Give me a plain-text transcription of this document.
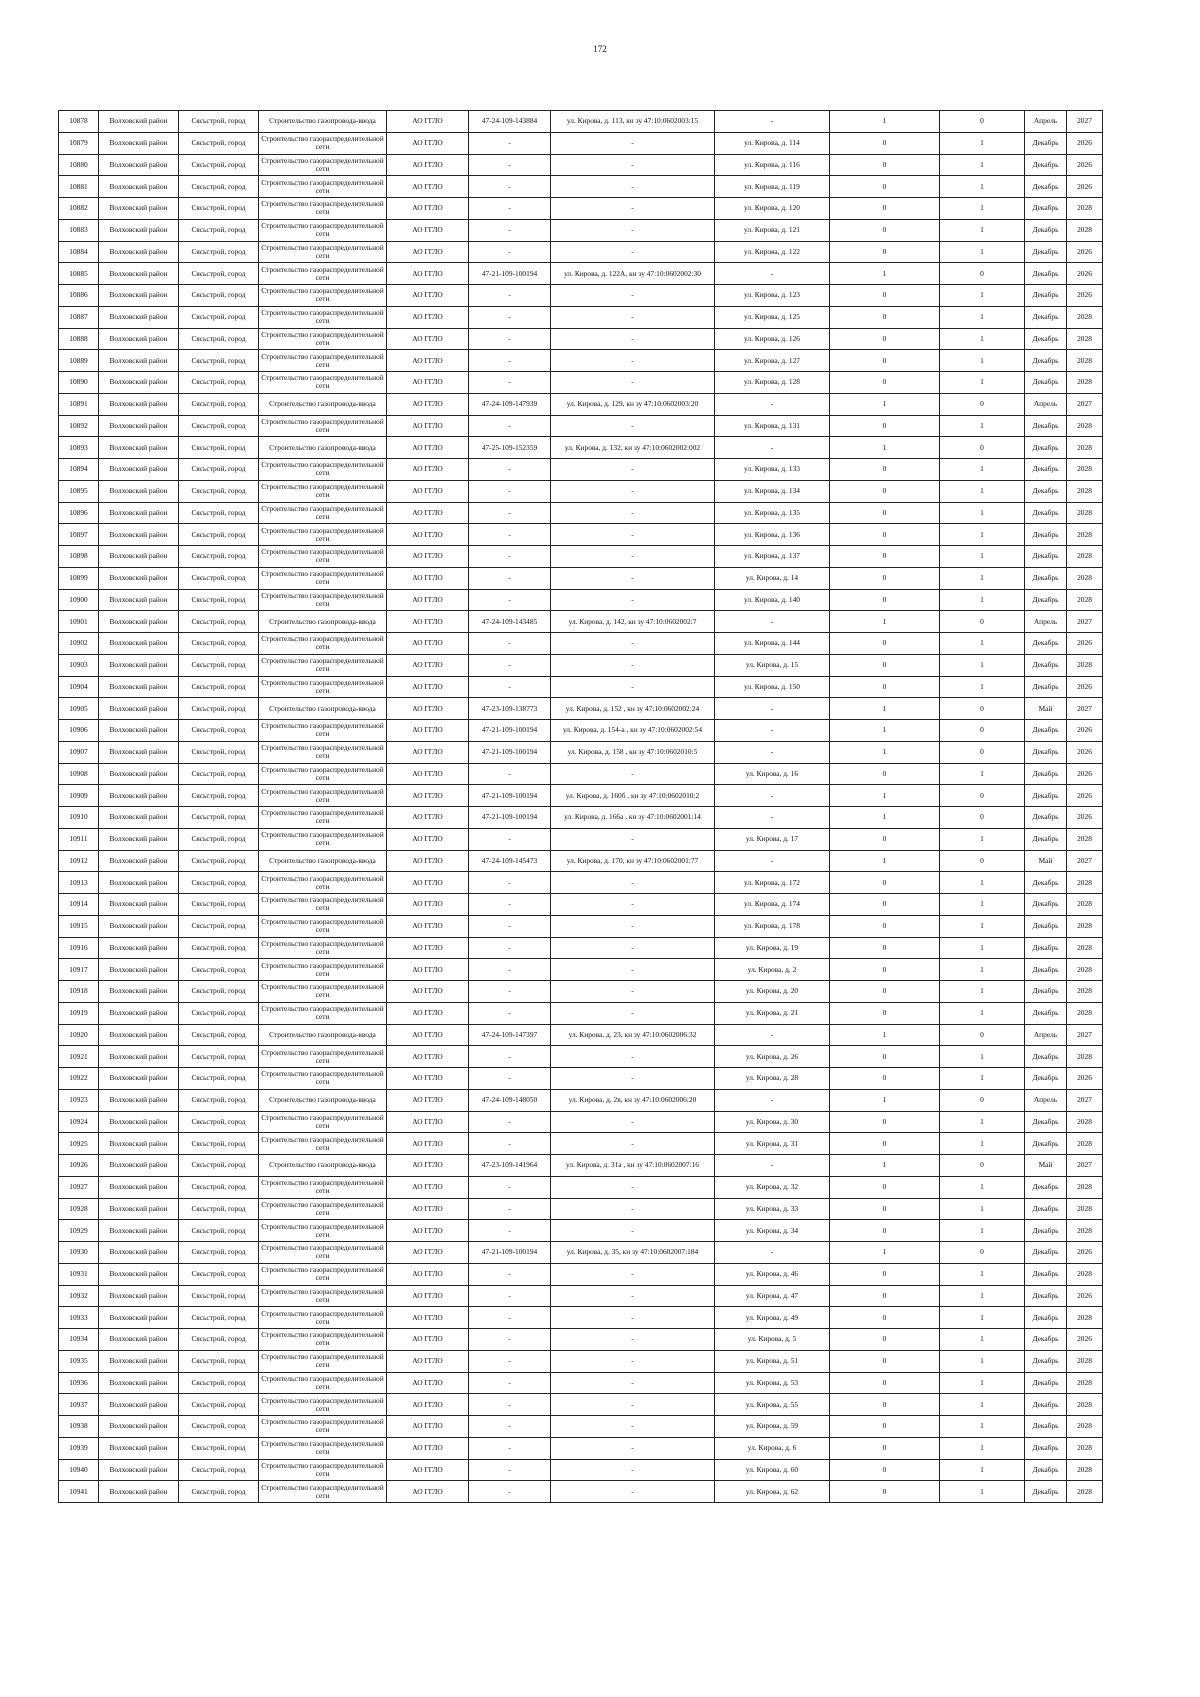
172
10878	Волховский район	Сясьстрой, город	Строительство газопровода-ввода	АО ГГЛО	47-24-109-143884	ул. Кирова, д. 113, кн зу 47:10:0602003:15	-	1	0	Апрель	2027
10879	Волховский район	Сясьстрой, город	Строительство газораспределительной сети	АО ГГЛО	-	-	ул. Кирова, д. 114	0	1	Декабрь	2026
10880	Волховский район	Сясьстрой, город	Строительство газораспределительной сети	АО ГГЛО	-	-	ул. Кирова, д. 116	0	1	Декабрь	2026
10881	Волховский район	Сясьстрой, город	Строительство газораспределительной сети	АО ГГЛО	-	-	ул. Кирова, д. 119	0	1	Декабрь	2026
10882	Волховский район	Сясьстрой, город	Строительство газораспределительной сети	АО ГГЛО	-	-	ул. Кирова, д. 120	0	1	Декабрь	2028
10883	Волховский район	Сясьстрой, город	Строительство газораспределительной сети	АО ГГЛО	-	-	ул. Кирова, д. 121	0	1	Декабрь	2028
10884	Волховский район	Сясьстрой, город	Строительство газораспределительной сети	АО ГГЛО	-	-	ул. Кирова, д. 122	0	1	Декабрь	2026
10885	Волховский район	Сясьстрой, город	Строительство газораспределительной сети	АО ГГЛО	47-21-109-100194	ул. Кирова, д. 122А, кн зу 47:10:0602002:30	-	1	0	Декабрь	2026
10886	Волховский район	Сясьстрой, город	Строительство газораспределительной сети	АО ГГЛО	-	-	ул. Кирова, д. 123	0	1	Декабрь	2026
10887	Волховский район	Сясьстрой, город	Строительство газораспределительной сети	АО ГГЛО	-	-	ул. Кирова, д. 125	0	1	Декабрь	2028
10888	Волховский район	Сясьстрой, город	Строительство газораспределительной сети	АО ГГЛО	-	-	ул. Кирова, д. 126	0	1	Декабрь	2028
10889	Волховский район	Сясьстрой, город	Строительство газораспределительной сети	АО ГГЛО	-	-	ул. Кирова, д. 127	0	1	Декабрь	2028
10890	Волховский район	Сясьстрой, город	Строительство газораспределительной сети	АО ГГЛО	-	-	ул. Кирова, д. 128	0	1	Декабрь	2028
10891	Волховский район	Сясьстрой, город	Строительство газопровода-ввода	АО ГГЛО	47-24-109-147939	ул. Кирова, д. 129, кн зу 47:10:0602003:20	-	1	0	Апрель	2027
10892	Волховский район	Сясьстрой, город	Строительство газораспределительной сети	АО ГГЛО	-	-	ул. Кирова, д. 131	0	1	Декабрь	2028
10893	Волховский район	Сясьстрой, город	Строительство газопровода-ввода	АО ГГЛО	47-25-109-152359	ул. Кирова, д. 132, кн зу 47:10:0602002:002	-	1	0	Декабрь	2028
10894	Волховский район	Сясьстрой, город	Строительство газораспределительной сети	АО ГГЛО	-	-	ул. Кирова, д. 133	0	1	Декабрь	2028
10895	Волховский район	Сясьстрой, город	Строительство газораспределительной сети	АО ГГЛО	-	-	ул. Кирова, д. 134	0	1	Декабрь	2028
10896	Волховский район	Сясьстрой, город	Строительство газораспределительной сети	АО ГГЛО	-	-	ул. Кирова, д. 135	0	1	Декабрь	2028
10897	Волховский район	Сясьстрой, город	Строительство газораспределительной сети	АО ГГЛО	-	-	ул. Кирова, д. 136	0	1	Декабрь	2028
10898	Волховский район	Сясьстрой, город	Строительство газораспределительной сети	АО ГГЛО	-	-	ул. Кирова, д. 137	0	1	Декабрь	2028
10899	Волховский район	Сясьстрой, город	Строительство газораспределительной сети	АО ГГЛО	-	-	ул. Кирова, д. 14	0	1	Декабрь	2028
10900	Волховский район	Сясьстрой, город	Строительство газораспределительной сети	АО ГГЛО	-	-	ул. Кирова, д. 140	0	1	Декабрь	2028
10901	Волховский район	Сясьстрой, город	Строительство газопровода-ввода	АО ГГЛО	47-24-109-143485	ул. Кирова, д. 142, кн зу 47:10:0602002:7	-	1	0	Апрель	2027
10902	Волховский район	Сясьстрой, город	Строительство газораспределительной сети	АО ГГЛО	-	-	ул. Кирова, д. 144	0	1	Декабрь	2026
10903	Волховский район	Сясьстрой, город	Строительство газораспределительной сети	АО ГГЛО	-	-	ул. Кирова, д. 15	0	1	Декабрь	2028
10904	Волховский район	Сясьстрой, город	Строительство газораспределительной сети	АО ГГЛО	-	-	ул. Кирова, д. 150	0	1	Декабрь	2026
10905	Волховский район	Сясьстрой, город	Строительство газопровода-ввода	АО ГГЛО	47-23-109-138773	ул. Кирова, д. 152 , кн зу 47:10:0602002:24	-	1	0	Май	2027
10906	Волховский район	Сясьстрой, город	Строительство газораспределительной сети	АО ГГЛО	47-21-109-100194	ул. Кирова, д. 154-а , кн зу 47:10:0602002:54	-	1	0	Декабрь	2026
10907	Волховский район	Сясьстрой, город	Строительство газораспределительной сети	АО ГГЛО	47-21-109-100194	ул. Кирова, д. 158 , кн зу 47:10:0602010:5	-	1	0	Декабрь	2026
10908	Волховский район	Сясьстрой, город	Строительство газораспределительной сети	АО ГГЛО	-	-	ул. Кирова, д. 16	0	1	Декабрь	2026
10909	Волховский район	Сясьстрой, город	Строительство газораспределительной сети	АО ГГЛО	47-21-109-100194	ул. Кирова, д. 160б , кн зу 47:10:0602010:2	-	1	0	Декабрь	2026
10910	Волховский район	Сясьстрой, город	Строительство газораспределительной сети	АО ГГЛО	47-21-109-100194	ул. Кирова, д. 166а , кн зу 47:10:0602001:14	-	1	0	Декабрь	2026
10911	Волховский район	Сясьстрой, город	Строительство газораспределительной сети	АО ГГЛО	-	-	ул. Кирова, д. 17	0	1	Декабрь	2028
10912	Волховский район	Сясьстрой, город	Строительство газопровода-ввода	АО ГГЛО	47-24-109-145473	ул. Кирова, д. 170, кн зу 47:10:0602001:77	-	1	0	Май	2027
10913	Волховский район	Сясьстрой, город	Строительство газораспределительной сети	АО ГГЛО	-	-	ул. Кирова, д. 172	0	1	Декабрь	2028
10914	Волховский район	Сясьстрой, город	Строительство газораспределительной сети	АО ГГЛО	-	-	ул. Кирова, д. 174	0	1	Декабрь	2028
10915	Волховский район	Сясьстрой, город	Строительство газораспределительной сети	АО ГГЛО	-	-	ул. Кирова, д. 178	0	1	Декабрь	2028
10916	Волховский район	Сясьстрой, город	Строительство газораспределительной сети	АО ГГЛО	-	-	ул. Кирова, д. 19	0	1	Декабрь	2028
10917	Волховский район	Сясьстрой, город	Строительство газораспределительной сети	АО ГГЛО	-	-	ул. Кирова, д. 2	0	1	Декабрь	2028
10918	Волховский район	Сясьстрой, город	Строительство газораспределительной сети	АО ГГЛО	-	-	ул. Кирова, д. 20	0	1	Декабрь	2028
10919	Волховский район	Сясьстрой, город	Строительство газораспределительной сети	АО ГГЛО	-	-	ул. Кирова, д. 21	0	1	Декабрь	2028
10920	Волховский район	Сясьстрой, город	Строительство газопровода-ввода	АО ГГЛО	47-24-109-147397	ул. Кирова, д. 23, кн зу 47:10:0602006:32	-	1	0	Апрель	2027
10921	Волховский район	Сясьстрой, город	Строительство газораспределительной сети	АО ГГЛО	-	-	ул. Кирова, д. 26	0	1	Декабрь	2028
10922	Волховский район	Сясьстрой, город	Строительство газораспределительной сети	АО ГГЛО	-	-	ул. Кирова, д. 28	0	1	Декабрь	2026
10923	Волховский район	Сясьстрой, город	Строительство газопровода-ввода	АО ГГЛО	47-24-109-148050	ул. Кирова, д. 2в, кн зу 47:10:0602006:20	-	1	0	Апрель	2027
10924	Волховский район	Сясьстрой, город	Строительство газораспределительной сети	АО ГГЛО	-	-	ул. Кирова, д. 30	0	1	Декабрь	2028
10925	Волховский район	Сясьстрой, город	Строительство газораспределительной сети	АО ГГЛО	-	-	ул. Кирова, д. 31	0	1	Декабрь	2028
10926	Волховский район	Сясьстрой, город	Строительство газопровода-ввода	АО ГГЛО	47-23-109-141964	ул. Кирова, д. 31а , кн зу 47:10:0602007:16	-	1	0	Май	2027
10927	Волховский район	Сясьстрой, город	Строительство газораспределительной сети	АО ГГЛО	-	-	ул. Кирова, д. 32	0	1	Декабрь	2028
10928	Волховский район	Сясьстрой, город	Строительство газораспределительной сети	АО ГГЛО	-	-	ул. Кирова, д. 33	0	1	Декабрь	2028
10929	Волховский район	Сясьстрой, город	Строительство газораспределительной сети	АО ГГЛО	-	-	ул. Кирова, д. 34	0	1	Декабрь	2028
10930	Волховский район	Сясьстрой, город	Строительство газораспределительной сети	АО ГГЛО	47-21-109-100194	ул. Кирова, д. 35, кн зу 47:10:0602007:184	-	1	0	Декабрь	2026
10931	Волховский район	Сясьстрой, город	Строительство газораспределительной сети	АО ГГЛО	-	-	ул. Кирова, д. 46	0	1	Декабрь	2028
10932	Волховский район	Сясьстрой, город	Строительство газораспределительной сети	АО ГГЛО	-	-	ул. Кирова, д. 47	0	1	Декабрь	2026
10933	Волховский район	Сясьстрой, город	Строительство газораспределительной сети	АО ГГЛО	-	-	ул. Кирова, д. 49	0	1	Декабрь	2028
10934	Волховский район	Сясьстрой, город	Строительство газораспределительной сети	АО ГГЛО	-	-	ул. Кирова, д. 5	0	1	Декабрь	2026
10935	Волховский район	Сясьстрой, город	Строительство газораспределительной сети	АО ГГЛО	-	-	ул. Кирова, д. 51	0	1	Декабрь	2028
10936	Волховский район	Сясьстрой, город	Строительство газораспределительной сети	АО ГГЛО	-	-	ул. Кирова, д. 53	0	1	Декабрь	2028
10937	Волховский район	Сясьстрой, город	Строительство газораспределительной сети	АО ГГЛО	-	-	ул. Кирова, д. 55	0	1	Декабрь	2028
10938	Волховский район	Сясьстрой, город	Строительство газораспределительной сети	АО ГГЛО	-	-	ул. Кирова, д. 59	0	1	Декабрь	2028
10939	Волховский район	Сясьстрой, город	Строительство газораспределительной сети	АО ГГЛО	-	-	ул. Кирова, д. 6	0	1	Декабрь	2028
10940	Волховский район	Сясьстрой, город	Строительство газораспределительной сети	АО ГГЛО	-	-	ул. Кирова, д. 60	0	1	Декабрь	2028
10941	Волховский район	Сясьстрой, город	Строительство газораспределительной сети	АО ГГЛО	-	-	ул. Кирова, д. 62	0	1	Декабрь	2028
